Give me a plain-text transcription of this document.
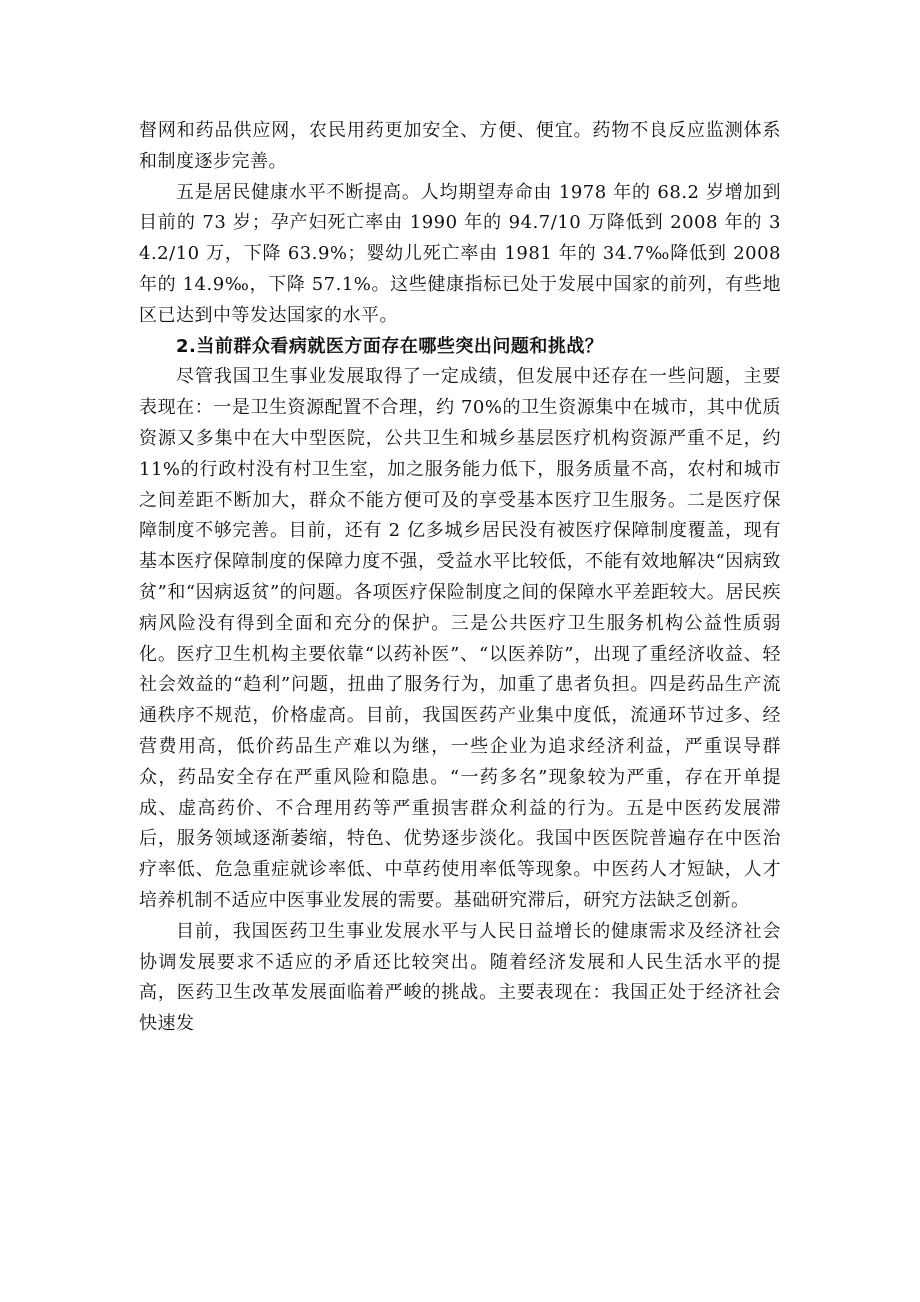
督网和药品供应网，农民用药更加安全、方便、便宜。药物不良反应监测体系和制度逐步完善。

五是居民健康水平不断提高。人均期望寿命由 1978 年的 68.2 岁增加到目前的 73 岁；孕产妇死亡率由 1990 年的 94.7/10 万降低到 2008 年的 34.2/10 万，下降 63.9%；婴幼儿死亡率由 1981 年的 34.7‰降低到 2008 年的 14.9‰，下降 57.1%。这些健康指标已处于发展中国家的前列，有些地区已达到中等发达国家的水平。

2.当前群众看病就医方面存在哪些突出问题和挑战？

尽管我国卫生事业发展取得了一定成绩，但发展中还存在一些问题，主要表现在：一是卫生资源配置不合理，约 70%的卫生资源集中在城市，其中优质资源又多集中在大中型医院，公共卫生和城乡基层医疗机构资源严重不足，约 11%的行政村没有村卫生室，加之服务能力低下，服务质量不高，农村和城市之间差距不断加大，群众不能方便可及的享受基本医疗卫生服务。二是医疗保障制度不够完善。目前，还有 2 亿多城乡居民没有被医疗保障制度覆盖，现有基本医疗保障制度的保障力度不强，受益水平比较低，不能有效地解决“因病致贫”和“因病返贫”的问题。各项医疗保险制度之间的保障水平差距较大。居民疾病风险没有得到全面和充分的保护。三是公共医疗卫生服务机构公益性质弱化。医疗卫生机构主要依靠“以药补医”、“以医养防”，出现了重经济收益、轻社会效益的“趋利”问题，扭曲了服务行为，加重了患者负担。四是药品生产流通秩序不规范，价格虚高。目前，我国医药产业集中度低，流通环节过多、经营费用高，低价药品生产难以为继，一些企业为追求经济利益，严重误导群众，药品安全存在严重风险和隐患。“一药多名”现象较为严重，存在开单提成、虚高药价、不合理用药等严重损害群众利益的行为。五是中医药发展滞后，服务领域逐渐萎缩，特色、优势逐步淡化。我国中医医院普遍存在中医治疗率低、危急重症就诊率低、中草药使用率低等现象。中医药人才短缺，人才培养机制不适应中医事业发展的需要。基础研究滞后，研究方法缺乏创新。

目前，我国医药卫生事业发展水平与人民日益增长的健康需求及经济社会协调发展要求不适应的矛盾还比较突出。随着经济发展和人民生活水平的提高，医药卫生改革发展面临着严峻的挑战。主要表现在：我国正处于经济社会快速发
